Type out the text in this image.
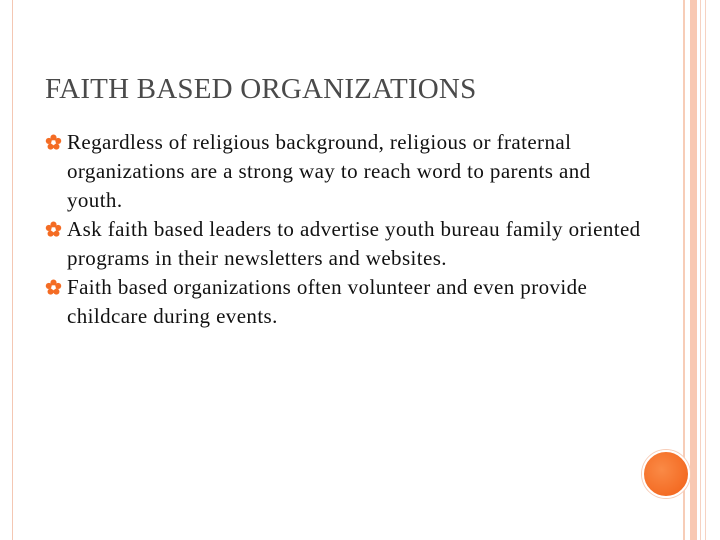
FAITH BASED ORGANIZATIONS
Regardless of religious background, religious or fraternal organizations are a strong way to reach word to parents and youth.
Ask faith based leaders to advertise youth bureau family oriented programs in their newsletters and websites.
Faith based organizations often volunteer and even provide childcare during events.
